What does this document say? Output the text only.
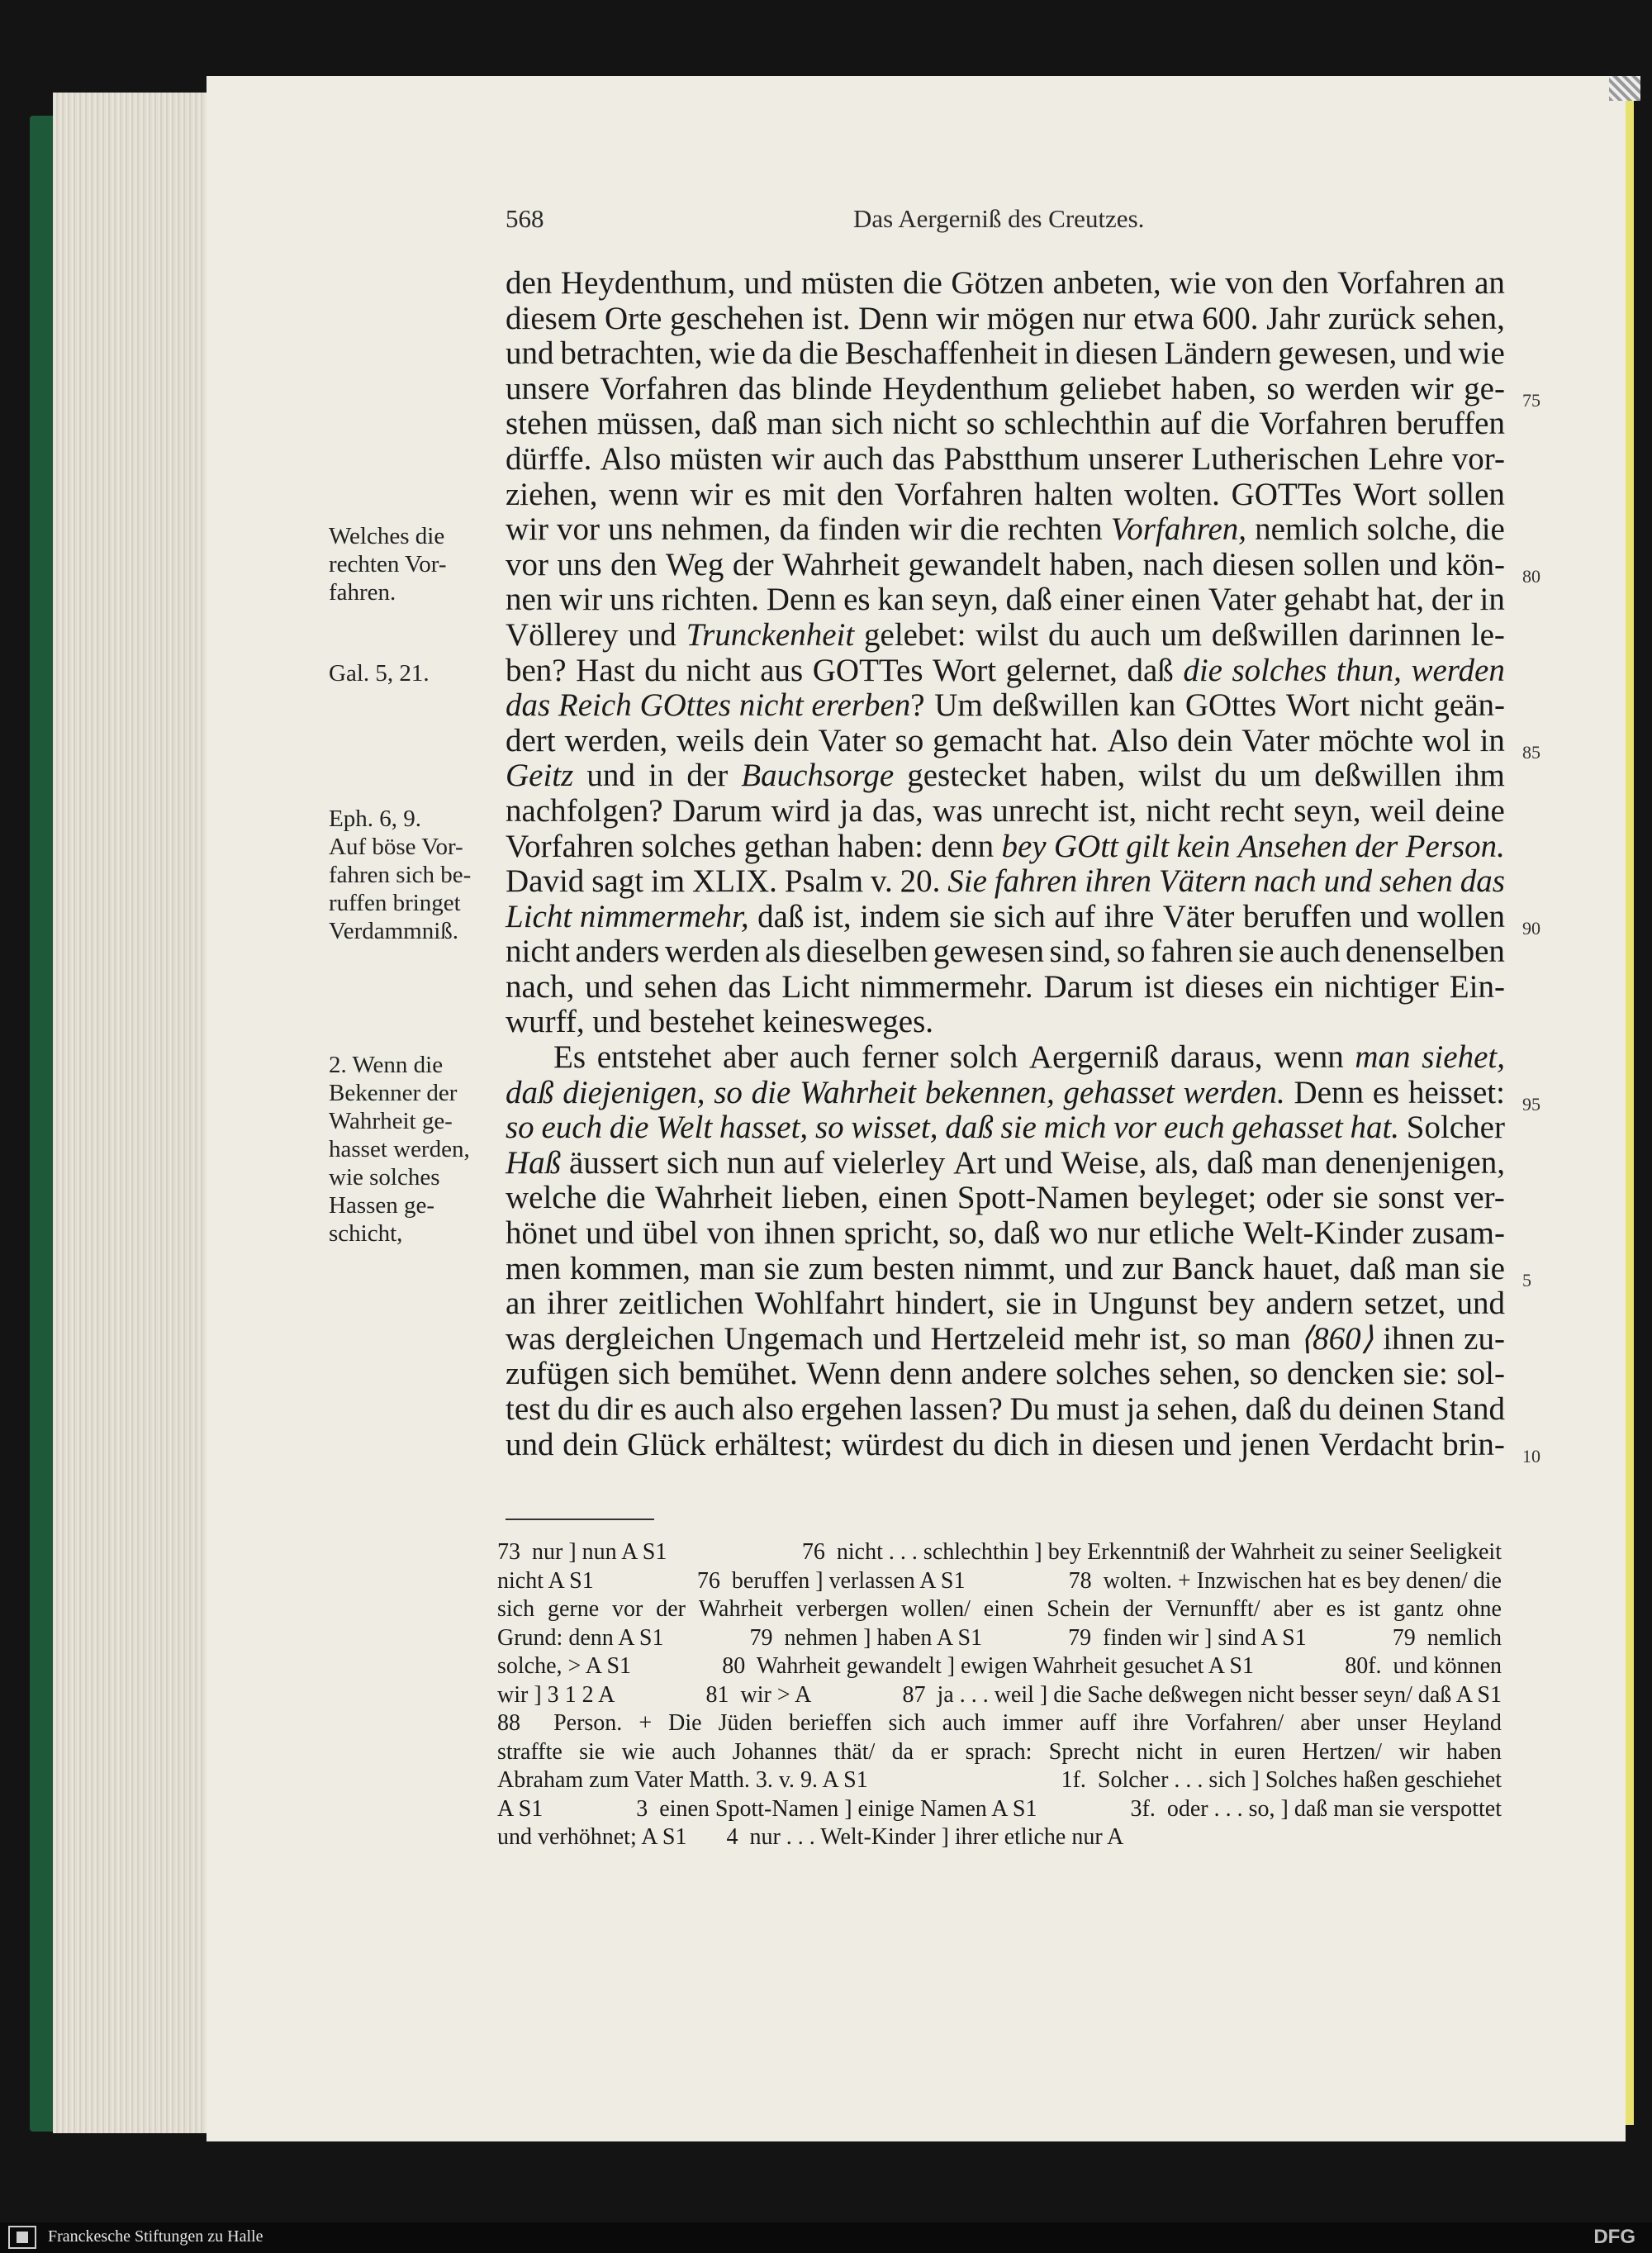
568	Das Aergerniß des Creutzes.
Welches die
rechten Vor-
fahren.
Gal. 5, 21.
Eph. 6, 9.
Auf böse Vor-
fahren sich be-
ruffen bringet
Verdammniß.
2. Wenn die
Bekenner der
Wahrheit ge-
hasset werden,
wie solches
Hassen ge-
schicht,
den Heydenthum, und müsten die Götzen anbeten, wie von den Vorfahren an
diesem Orte geschehen ist. Denn wir mögen nur etwa 600. Jahr zurück sehen,
und betrachten, wie da die Beschaffenheit in diesen Ländern gewesen, und wie
unsere Vorfahren das blinde Heydenthum geliebet haben, so werden wir ge-
stehen müssen, daß man sich nicht so schlechthin auf die Vorfahren beruffen
dürffe. Also müsten wir auch das Pabstthum unserer Lutherischen Lehre vor-
ziehen, wenn wir es mit den Vorfahren halten wolten. GOTTes Wort sollen
wir vor uns nehmen, da finden wir die rechten Vorfahren, nemlich solche, die
vor uns den Weg der Wahrheit gewandelt haben, nach diesen sollen und kön-
nen wir uns richten. Denn es kan seyn, daß einer einen Vater gehabt hat, der in
Völlerey und Trunckenheit gelebet: wilst du auch um deßwillen darinnen le-
ben? Hast du nicht aus GOTTes Wort gelernet, daß die solches thun, werden
das Reich GOttes nicht ererben? Um deßwillen kan GOttes Wort nicht geän-
dert werden, weils dein Vater so gemacht hat. Also dein Vater möchte wol in
Geitz und in der Bauchsorge gestecket haben, wilst du um deßwillen ihm
nachfolgen? Darum wird ja das, was unrecht ist, nicht recht seyn, weil deine
Vorfahren solches gethan haben: denn bey GOtt gilt kein Ansehen der Person.
David sagt im XLIX. Psalm v. 20. Sie fahren ihren Vätern nach und sehen das
Licht nimmermehr, daß ist, indem sie sich auf ihre Väter beruffen und wollen
nicht anders werden als dieselben gewesen sind, so fahren sie auch denenselben
nach, und sehen das Licht nimmermehr. Darum ist dieses ein nichtiger Ein-
wurff, und bestehet keinesweges.
Es entstehet aber auch ferner solch Aergerniß daraus, wenn man siehet,
daß diejenigen, so die Wahrheit bekennen, gehasset werden. Denn es heisset:
so euch die Welt hasset, so wisset, daß sie mich vor euch gehasset hat. Solcher
Haß äussert sich nun auf vielerley Art und Weise, als, daß man denenjenigen,
welche die Wahrheit lieben, einen Spott-Namen beyleget; oder sie sonst ver-
hönet und übel von ihnen spricht, so, daß wo nur etliche Welt-Kinder zusam-
men kommen, man sie zum besten nimmt, und zur Banck hauet, daß man sie
an ihrer zeitlichen Wohlfahrt hindert, sie in Ungunst bey andern setzet, und
was dergleichen Ungemach und Hertzeleid mehr ist, so man ⟨860⟩ ihnen zu-
zufügen sich bemühet. Wenn denn andere solches sehen, so dencken sie: sol-
test du dir es auch also ergehen lassen? Du must ja sehen, daß du deinen Stand
und dein Glück erhältest; würdest du dich in diesen und jenen Verdacht brin-
75
80
85
90
95
5
10
73  nur ] nun A S1	76  nicht . . . schlechthin ] bey Erkenntniß der Wahrheit zu seiner Seeligkeit
nicht A S1	76  beruffen ] verlassen A S1	78  wolten. + Inzwischen hat es bey denen/ die
sich gerne vor der Wahrheit verbergen wollen/ einen Schein der Vernunfft/ aber es ist gantz ohne
Grund: denn A S1	79  nehmen ] haben A S1	79  finden wir ] sind A S1	79  nemlich
solche, > A S1	80  Wahrheit gewandelt ] ewigen Wahrheit gesuchet A S1	80f.  und können
wir ] 3 1 2 A	81  wir > A	87  ja . . . weil ] die Sache deßwegen nicht besser seyn/ daß A S1
88 Person. + Die Jüden berieffen sich auch immer auff ihre Vorfahren/ aber unser Heyland
straffte sie wie auch Johannes thät/ da er sprach: Sprecht nicht in euren Hertzen/ wir haben
Abraham zum Vater Matth. 3. v. 9. A S1	1f.  Solcher . . . sich ] Solches haßen geschiehet
A S1	3  einen Spott-Namen ] einige Namen A S1	3f.  oder . . . so, ] daß man sie verspottet
und verhöhnet; A S1 4  nur . . . Welt-Kinder ] ihrer etliche nur A
Franckesche Stiftungen zu Halle	DFG
